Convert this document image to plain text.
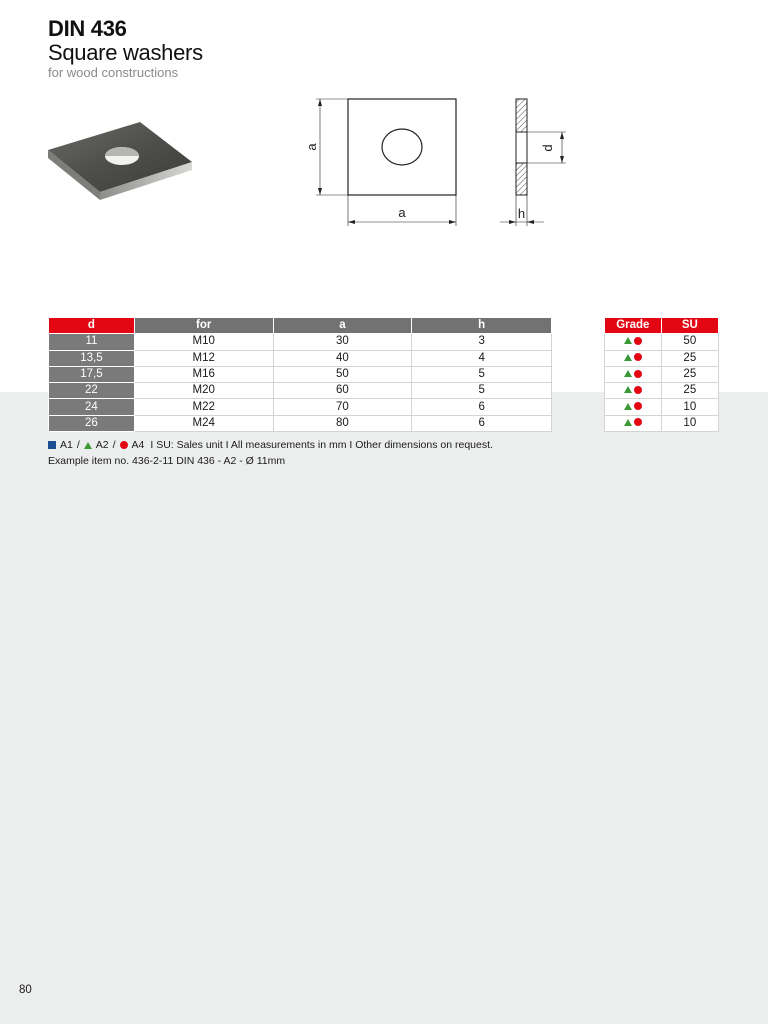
DIN 436
Square washers
for wood constructions
a
a
d
h
d	for	a	h
11	M10	30	3
13,5	M12	40	4
17,5	M16	50	5
22	M20	60	5
24	M22	70	6
26	M24	80	6
Grade	SU

	50

	25

	25

	25

	10

	10
A1 / A2 / A4 I SU: Sales unit I All measurements in mm I Other dimensions on request.
Example item no. 436-2-11 DIN 436 - A2 - Ø 11mm
80
